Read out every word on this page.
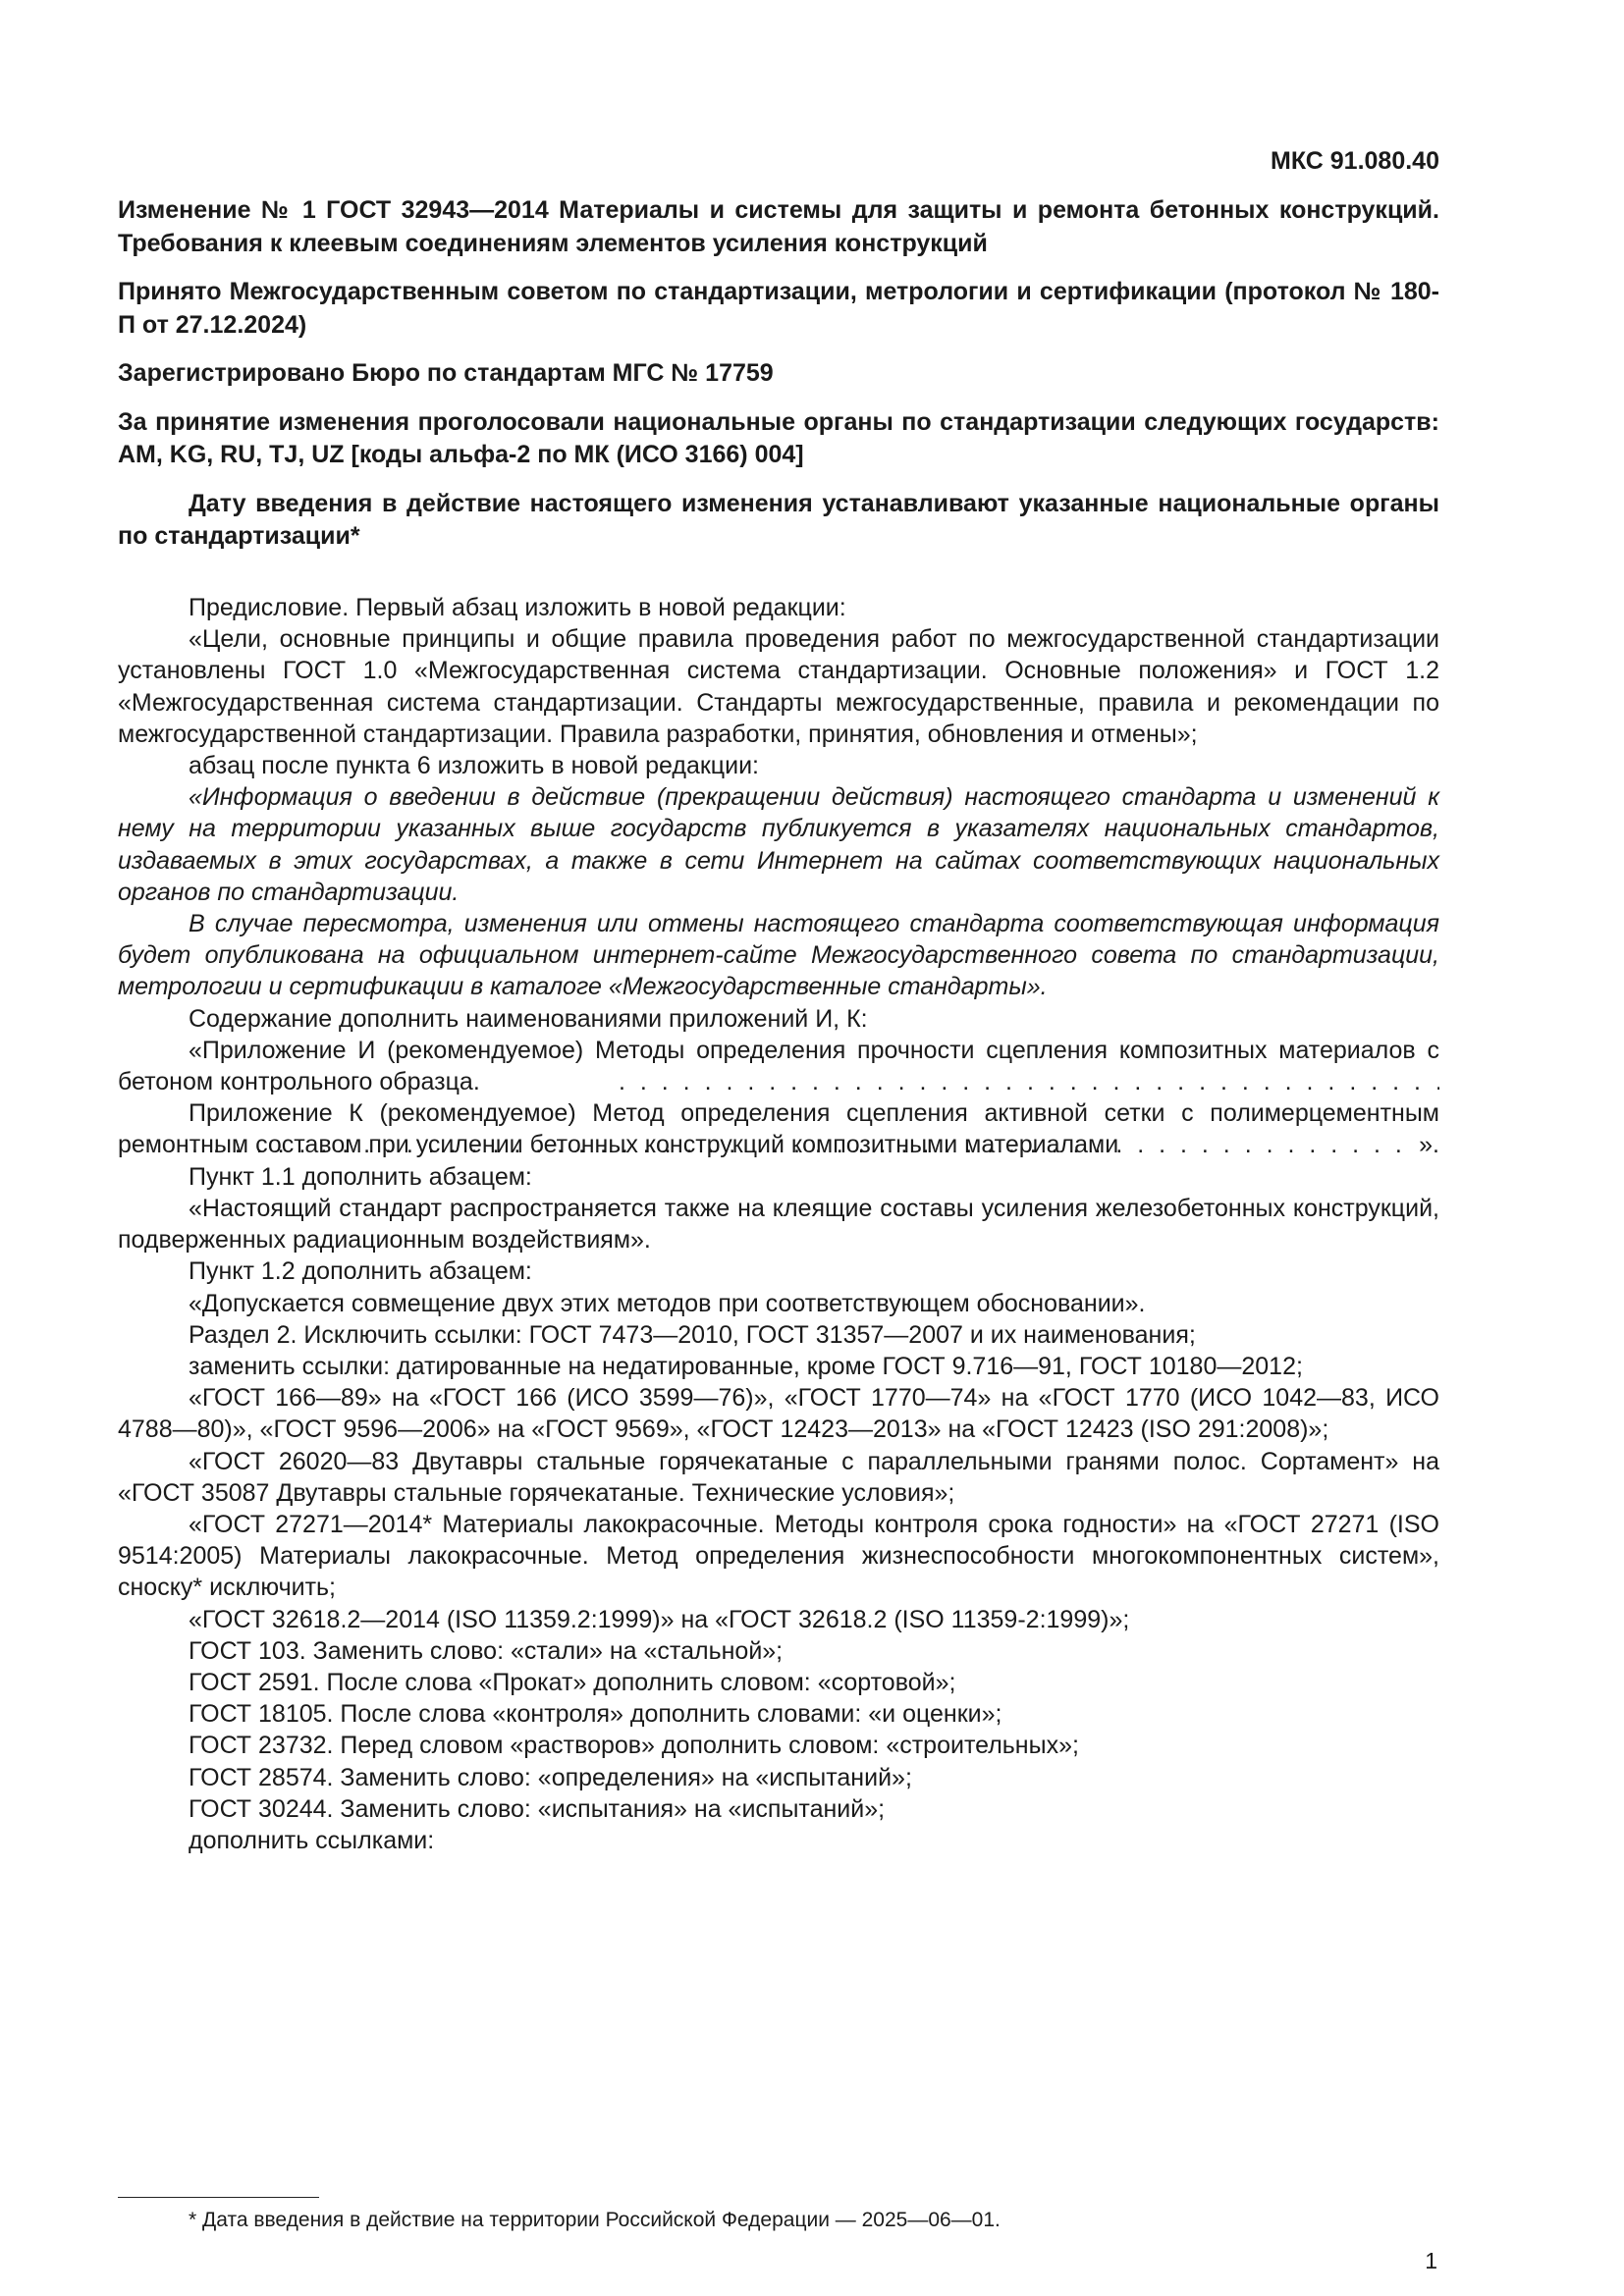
МКС 91.080.40

Изменение № 1 ГОСТ 32943—2014 Материалы и системы для защиты и ремонта бетонных конструкций. Требования к клеевым соединениям элементов усиления конструкций

Принято Межгосударственным советом по стандартизации, метрологии и сертификации (протокол № 180-П от 27.12.2024)

Зарегистрировано Бюро по стандартам МГС № 17759

За принятие изменения проголосовали национальные органы по стандартизации следующих государств: AM, KG, RU, TJ, UZ [коды альфа-2 по МК (ИСО 3166) 004]

Дату введения в действие настоящего изменения устанавливают указанные национальные органы по стандартизации*

Предисловие. Первый абзац изложить в новой редакции:

«Цели, основные принципы и общие правила проведения работ по межгосударственной стандартизации установлены ГОСТ 1.0 «Межгосударственная система стандартизации. Основные положения» и ГОСТ 1.2 «Межгосударственная система стандартизации. Стандарты межгосударственные, правила и рекомендации по межгосударственной стандартизации. Правила разработки, принятия, обновления и отмены»;

абзац после пункта 6 изложить в новой редакции:

«Информация о введении в действие (прекращении действия) настоящего стандарта и изменений к нему на территории указанных выше государств публикуется в указателях национальных стандартов, издаваемых в этих государствах, а также в сети Интернет на сайтах соответствующих национальных органов по стандартизации.

В случае пересмотра, изменения или отмены настоящего стандарта соответствующая информация будет опубликована на официальном интернет-сайте Межгосударственного совета по стандартизации, метрологии и сертификации в каталоге «Межгосударственные стандарты».

Содержание дополнить наименованиями приложений И, К:

«Приложение И (рекомендуемое) Методы определения прочности сцепления композитных материалов с бетоном контрольного образца.
. . .
Приложение К (рекомендуемое) Метод определения сцепления активной сетки с полимерцементным ремонтным составом при усилении бетонных конструкций композитными материалами
. . .	».

Пункт 1.1 дополнить абзацем:

«Настоящий стандарт распространяется также на клеящие составы усиления железобетонных конструкций, подверженных радиационным воздействиям».

Пункт 1.2 дополнить абзацем:

«Допускается совмещение двух этих методов при соответствующем обосновании».

Раздел 2. Исключить ссылки: ГОСТ 7473—2010, ГОСТ 31357—2007 и их наименования;

заменить ссылки: датированные на недатированные, кроме ГОСТ 9.716—91, ГОСТ 10180—2012;

«ГОСТ 166—89» на «ГОСТ 166 (ИСО 3599—76)», «ГОСТ 1770—74» на «ГОСТ 1770 (ИСО 1042—83, ИСО 4788—80)», «ГОСТ 9596—2006» на «ГОСТ 9569», «ГОСТ 12423—2013» на «ГОСТ 12423 (ISO 291:2008)»;

«ГОСТ 26020—83 Двутавры стальные горячекатаные с параллельными гранями полос. Сортамент» на «ГОСТ 35087 Двутавры стальные горячекатаные. Технические условия»;

«ГОСТ 27271—2014* Материалы лакокрасочные. Методы контроля срока годности» на «ГОСТ 27271 (ISO 9514:2005) Материалы лакокрасочные. Метод определения жизнеспособности многокомпонентных систем», сноску* исключить;

«ГОСТ 32618.2—2014 (ISO 11359.2:1999)» на «ГОСТ 32618.2 (ISO 11359-2:1999)»;

ГОСТ 103. Заменить слово: «стали» на «стальной»;

ГОСТ 2591. После слова «Прокат» дополнить словом: «сортовой»;

ГОСТ 18105. После слова «контроля» дополнить словами: «и оценки»;

ГОСТ 23732. Перед словом «растворов» дополнить словом: «строительных»;

ГОСТ 28574. Заменить слово: «определения» на «испытаний»;

ГОСТ 30244. Заменить слово: «испытания» на «испытаний»;

дополнить ссылками:

* Дата введения в действие на территории Российской Федерации — 2025—06—01.
1
